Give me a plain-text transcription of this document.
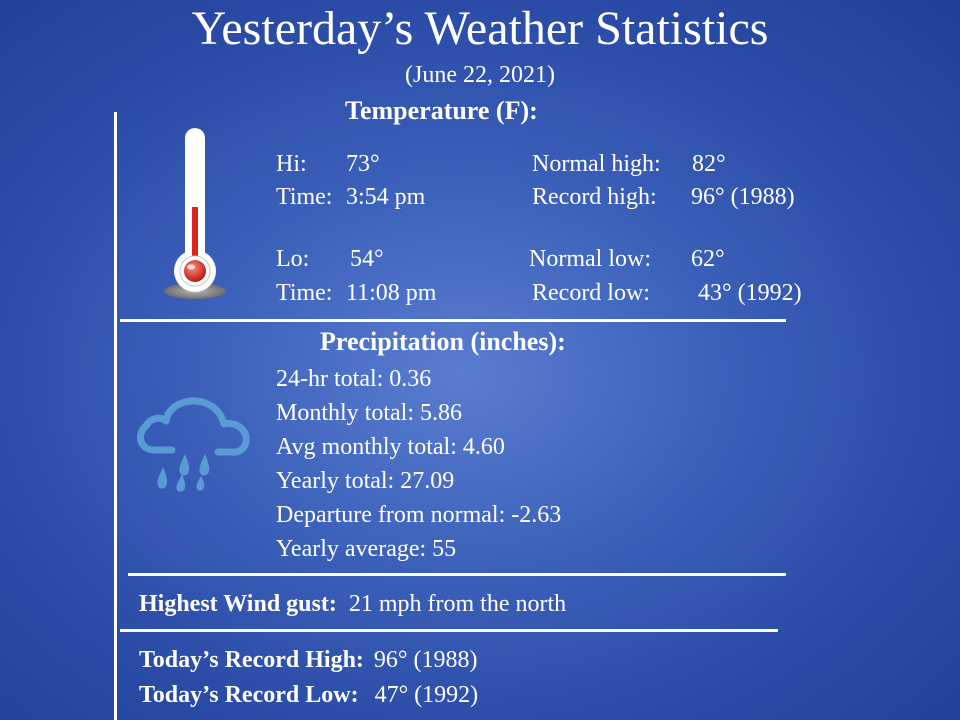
Yesterday’s Weather Statistics
(June 22, 2021)
Temperature (F):
Hi: 73°
Time: 3:54 pm
Normal high: 82°
Record high: 96° (1988)
Lo: 54°
Time: 11:08 pm
Normal low: 62°
Record low: 43° (1992)
Precipitation (inches):
24-hr total: 0.36
Monthly total: 5.86
Avg monthly total: 4.60
Yearly total: 27.09
Departure from normal: -2.63
Yearly average: 55
Highest Wind gust: 21 mph from the north
Today’s Record High: 96° (1988)
Today’s Record Low: 47° (1992)
